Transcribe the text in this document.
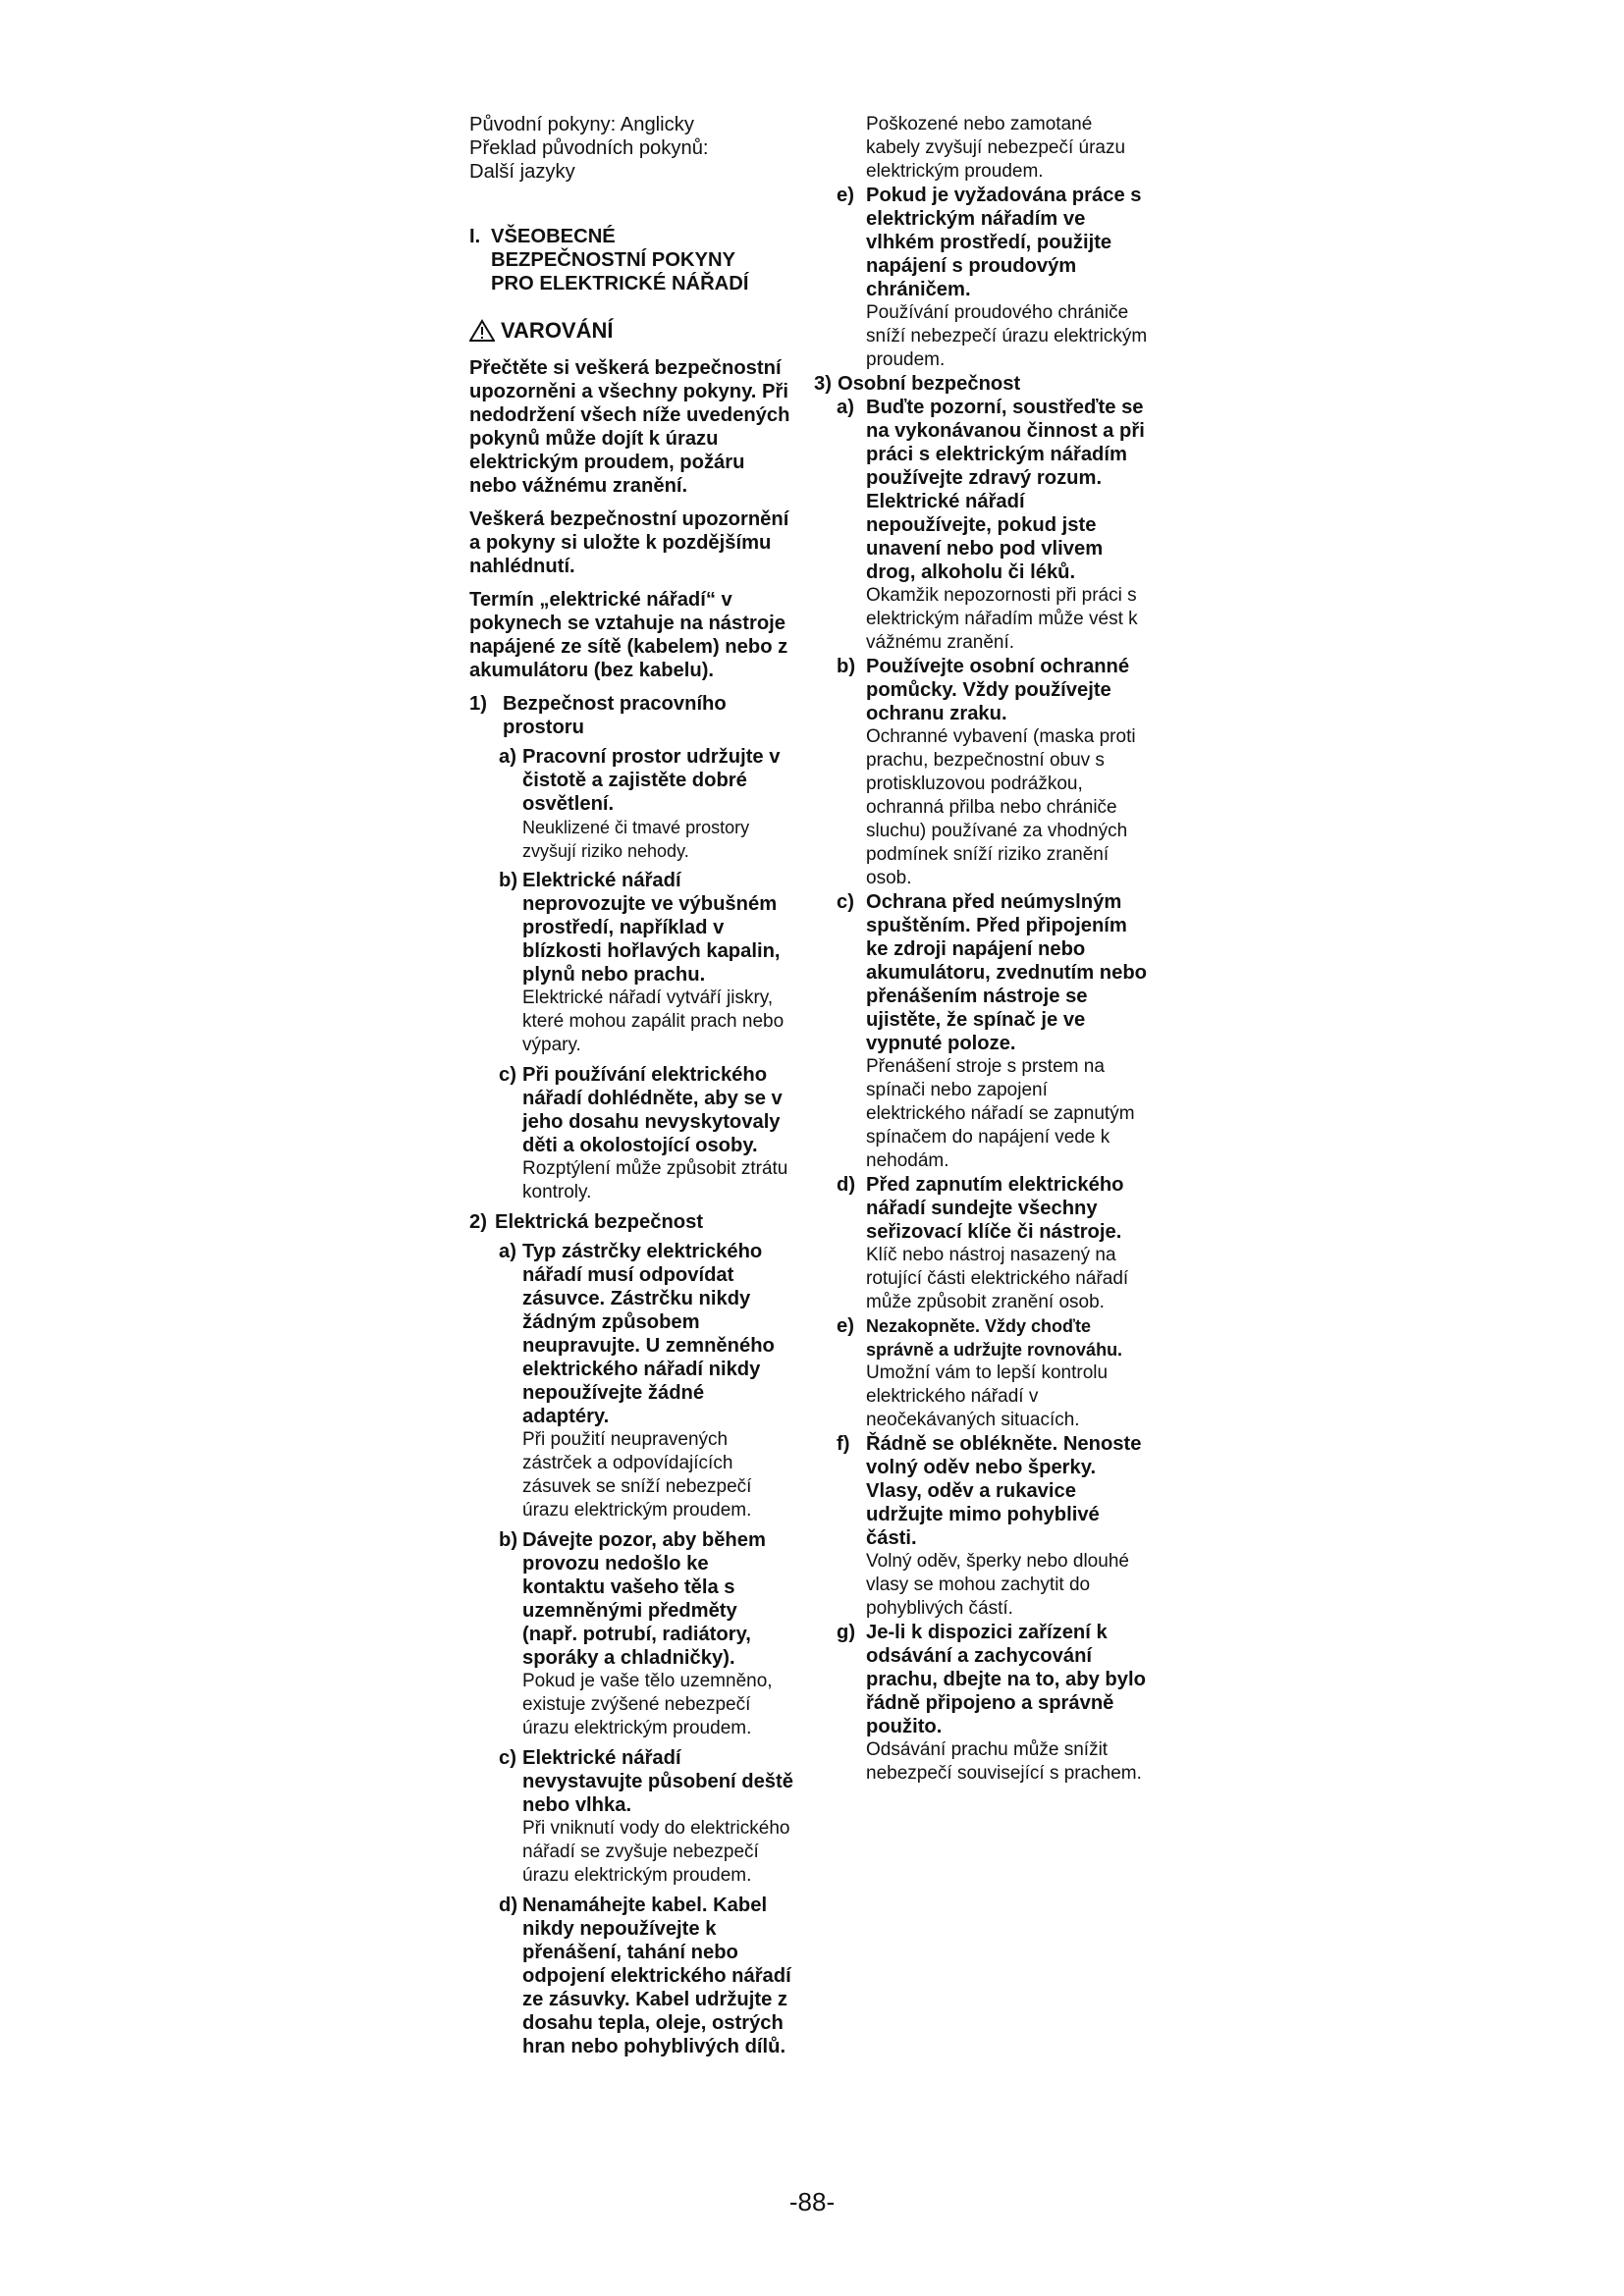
Původní pokyny: Anglicky

Překlad původních pokynů:

Další jazyky

I. VŠEOBECNÉ
BEZPEČNOSTNÍ POKYNY
PRO ELEKTRICKÉ NÁŘADÍ
VAROVÁNÍ

Přečtěte si veškerá bezpečnostní upozorněni a všechny pokyny. Při nedodržení všech níže uvedených pokynů může dojít k úrazu elektrickým proudem, požáru nebo vážnému zranění.

Veškerá bezpečnostní upozornění a pokyny si uložte k pozdějšímu nahlédnutí.

Termín „elektrické nářadí“ v pokynech se vztahuje na nástroje napájené ze sítě (kabelem) nebo z akumulátoru (bez kabelu).

1) Bezpečnost pracovního prostoru
a) Pracovní prostor udržujte v čistotě a zajistěte dobré osvětlení.

Neuklizené či tmavé prostory zvyšují riziko nehody.

b) Elektrické nářadí neprovozujte ve výbušném prostředí, například v blízkosti hořlavých kapalin, plynů nebo prachu.

Elektrické nářadí vytváří jiskry, které mohou zapálit prach nebo výpary.

c) Při používání elektrického nářadí dohlédněte, aby se v jeho dosahu nevyskytovaly děti a okolostojící osoby.

Rozptýlení může způsobit ztrátu kontroly.

2) Elektrická bezpečnost
a) Typ zástrčky elektrického nářadí musí odpovídat zásuvce. Zástrčku nikdy žádným způsobem neupravujte. U zemněného elektrického nářadí nikdy nepoužívejte žádné adaptéry.

Při použití neupravených zástrček a odpovídajících zásuvek se sníží nebezpečí úrazu elektrickým proudem.

b) Dávejte pozor, aby během provozu nedošlo ke kontaktu vašeho těla s uzemněnými předměty (např. potrubí, radiátory, sporáky a chladničky).

Pokud je vaše tělo uzemněno, existuje zvýšené nebezpečí úrazu elektrickým proudem.

c) Elektrické nářadí nevystavujte působení deště nebo vlhka.

Při vniknutí vody do elektrického nářadí se zvyšuje nebezpečí úrazu elektrickým proudem.

d) Nenamáhejte kabel. Kabel nikdy nepoužívejte k přenášení, tahání nebo odpojení elektrického nářadí ze zásuvky. Kabel udržujte z dosahu tepla, oleje, ostrých hran nebo pohyblivých dílů.

Poškozené nebo zamotané kabely zvyšují nebezpečí úrazu elektrickým proudem.

e) Pokud je vyžadována práce s elektrickým nářadím ve vlhkém prostředí, použijte napájení s proudovým chráničem.

Používání proudového chrániče sníží nebezpečí úrazu elektrickým proudem.

3) Osobní bezpečnost
a) Buďte pozorní, soustřeďte se na vykonávanou činnost a při práci s elektrickým nářadím používejte zdravý rozum. Elektrické nářadí nepoužívejte, pokud jste unavení nebo pod vlivem drog, alkoholu či léků.

Okamžik nepozornosti při práci s elektrickým nářadím může vést k vážnému zranění.

b) Používejte osobní ochranné pomůcky. Vždy používejte ochranu zraku.

Ochranné vybavení (maska proti prachu, bezpečnostní obuv s protiskluzovou podrážkou, ochranná přilba nebo chrániče sluchu) používané za vhodných podmínek sníží riziko zranění osob.

c) Ochrana před neúmyslným spuštěním. Před připojením ke zdroji napájení nebo akumulátoru, zvednutím nebo přenášením nástroje se ujistěte, že spínač je ve vypnuté poloze.

Přenášení stroje s prstem na spínači nebo zapojení elektrického nářadí se zapnutým spínačem do napájení vede k nehodám.

d) Před zapnutím elektrického nářadí sundejte všechny seřizovací klíče či nástroje.

Klíč nebo nástroj nasazený na rotující části elektrického nářadí může způsobit zranění osob.

e) Nezakopněte. Vždy choďte správně a udržujte rovnováhu.

Umožní vám to lepší kontrolu elektrického nářadí v neočekávaných situacích.

f) Řádně se oblékněte. Nenoste volný oděv nebo šperky. Vlasy, oděv a rukavice udržujte mimo pohyblivé části.

Volný oděv, šperky nebo dlouhé vlasy se mohou zachytit do pohyblivých částí.

g) Je-li k dispozici zařízení k odsávání a zachycování prachu, dbejte na to, aby bylo řádně připojeno a správně použito.

Odsávání prachu může snížit nebezpečí související s prachem.

-88-
